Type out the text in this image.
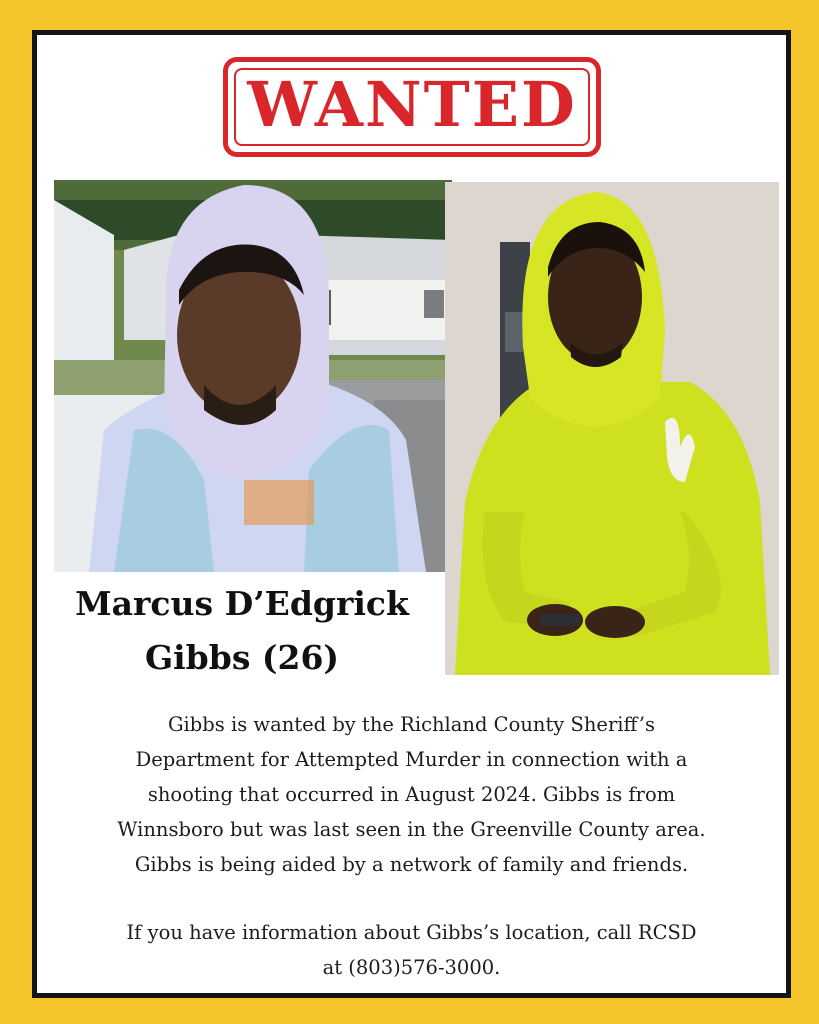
WANTED
Marcus D’Edgrick
Gibbs (26)
Gibbs is wanted by the Richland County Sheriff’s
Department for Attempted Murder in connection with a
shooting that occurred in August 2024. Gibbs is from
Winnsboro but was last seen in the Greenville County area.
Gibbs is being aided by a network of family and friends.
If you have information about Gibbs’s location, call RCSD
at (803)576-3000.
